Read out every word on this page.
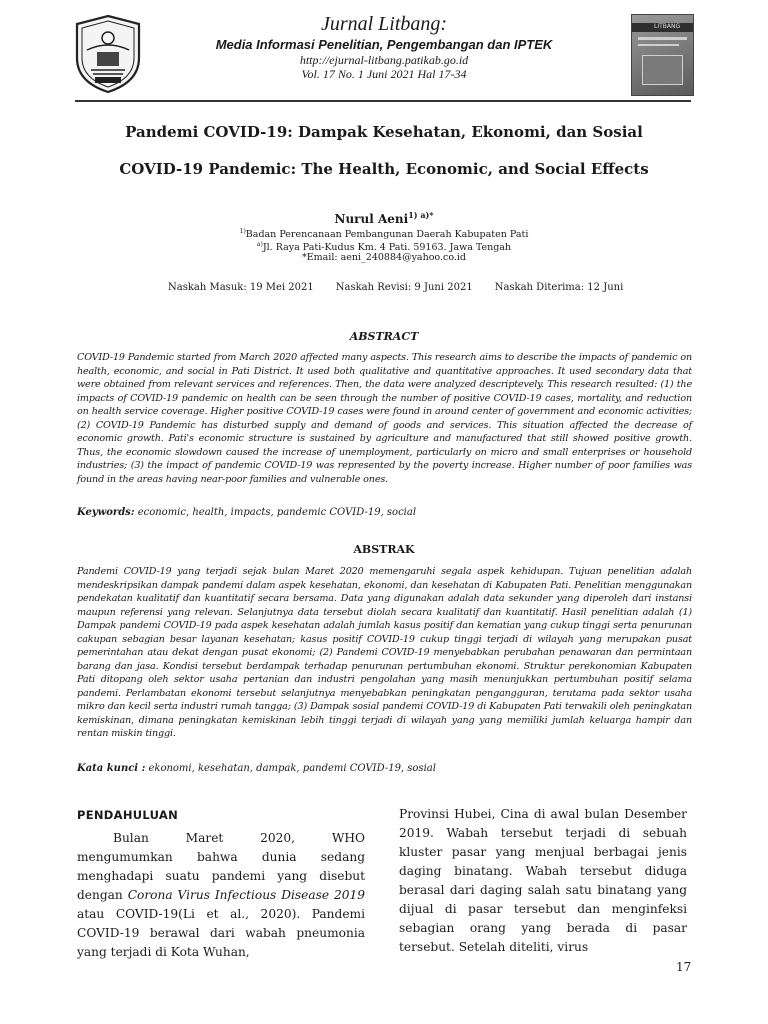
Jurnal Litbang:
Media Informasi Penelitian, Pengembangan dan IPTEK
http://ejurnal-litbang.patikab.go.id
Vol. 17 No. 1 Juni 2021 Hal 17-34
LITBANG
Pandemi COVID-19: Dampak Kesehatan, Ekonomi, dan Sosial
COVID-19 Pandemic: The Health, Economic, and Social Effects
Nurul Aeni$^{1) a)*}$
$^{1)}$Badan Perencanaan Pembangunan Daerah Kabupaten Pati
$^{a)}$Jl. Raya Pati-Kudus Km. 4 Pati. 59163. Jawa Tengah
*Email: aeni_240884@yahoo.co.id
Naskah Masuk: 19 Mei 2021 Naskah Revisi: 9 Juni 2021 Naskah Diterima: 12 Juni
ABSTRACT

COVID-19 Pandemic started from March 2020 affected many aspects. This research aims to describe the impacts of pandemic on health, economic, and social in Pati District. It used both qualitative and quantitative approaches. It used secondary data that were obtained from relevant services and references. Then, the data were analyzed descriptevely. This research resulted: (1) the impacts of COVID-19 pandemic on health can be seen through the number of positive COVID-19 cases, mortality, and reduction on health service coverage. Higher positive COVID-19 cases were found in around center of government and economic activities; (2) COVID-19 Pandemic has disturbed supply and demand of goods and services. This situation affected the decrease of economic growth. Pati's economic structure is sustained by agriculture and manufactured that still showed positive growth. Thus, the economic slowdown caused the increase of unemployment, particularly on micro and small enterprises or household industries; (3) the impact of pandemic COVID-19 was represented by the poverty increase. Higher number of poor families was found in the areas having near-poor families and vulnerable ones.

Keywords: economic, health, impacts, pandemic COVID-19, social
ABSTRAK

Pandemi COVID-19 yang terjadi sejak bulan Maret 2020 memengaruhi segala aspek kehidupan. Tujuan penelitian adalah mendeskripsikan dampak pandemi dalam aspek kesehatan, ekonomi, dan kesehatan di Kabupaten Pati. Penelitian menggunakan pendekatan kualitatif dan kuantitatif secara bersama. Data yang digunakan adalah data sekunder yang diperoleh dari instansi maupun referensi yang relevan. Selanjutnya data tersebut diolah secara kualitatif dan kuantitatif. Hasil penelitian adalah (1) Dampak pandemi COVID-19 pada aspek kesehatan adalah jumlah kasus positif dan kematian yang cukup tinggi serta penurunan cakupan sebagian besar layanan kesehatan; kasus positif COVID-19 cukup tinggi terjadi di wilayah yang merupakan pusat pemerintahan atau dekat dengan pusat ekonomi; (2) Pandemi COVID-19 menyebabkan perubahan penawaran dan permintaan barang dan jasa. Kondisi tersebut berdampak terhadap penurunan pertumbuhan ekonomi. Struktur perekonomian Kabupaten Pati ditopang oleh sektor usaha pertanian dan industri pengolahan yang masih menunjukkan pertumbuhan positif selama pandemi. Perlambatan ekonomi tersebut selanjutnya menyebabkan peningkatan pengangguran, terutama pada sektor usaha mikro dan kecil serta industri rumah tangga; (3) Dampak sosial pandemi COVID-19 di Kabupaten Pati terwakili oleh peningkatan kemiskinan, dimana peningkatan kemiskinan lebih tinggi terjadi di wilayah yang yang memiliki jumlah keluarga hampir dan rentan miskin tinggi.

Kata kunci : ekonomi, kesehatan, dampak, pandemi COVID-19, sosial
PENDAHULUAN

Bulan Maret 2020, WHO mengumumkan bahwa dunia sedang menghadapi suatu pandemi yang disebut dengan Corona Virus Infectious Disease 2019 atau COVID-19(Li et al., 2020). Pandemi COVID-19 berawal dari wabah pneumonia yang terjadi di Kota Wuhan,

Provinsi Hubei, Cina di awal bulan Desember 2019. Wabah tersebut terjadi di sebuah kluster pasar yang menjual berbagai jenis daging binatang. Wabah tersebut diduga berasal dari daging salah satu binatang yang dijual di pasar tersebut dan menginfeksi sebagian orang yang berada di pasar tersebut. Setelah diteliti, virus

17
